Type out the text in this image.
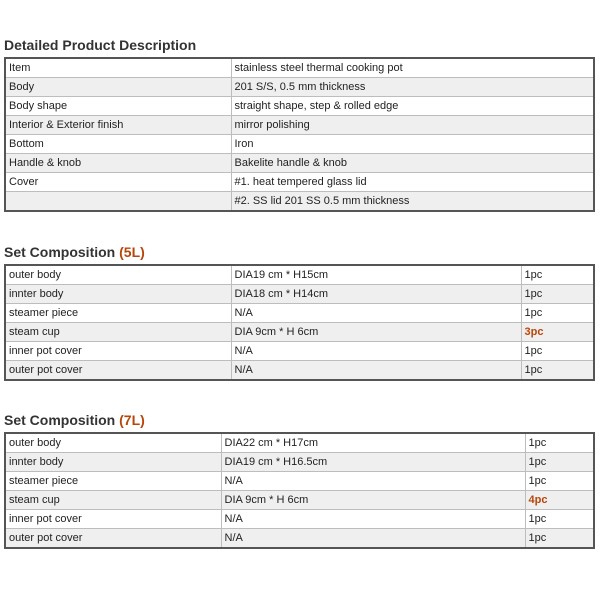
Detailed Product Description
Item	stainless steel thermal cooking pot
Body	201 S/S, 0.5 mm thickness
Body shape	straight shape, step & rolled edge
Interior & Exterior finish	mirror polishing
Bottom	Iron
Handle & knob	Bakelite handle & knob
Cover	#1. heat tempered glass lid
	#2. SS lid 201 SS 0.5 mm thickness
Set Composition (5L)
outer body	DIA19 cm * H15cm	1pc
innter body	DIA18 cm * H14cm	1pc
steamer piece	N/A	1pc
steam cup	DIA 9cm * H 6cm	3pc
inner pot cover	N/A	1pc
outer pot cover	N/A	1pc
Set Composition (7L)
outer body	DIA22 cm * H17cm	1pc
innter body	DIA19 cm * H16.5cm	1pc
steamer piece	N/A	1pc
steam cup	DIA 9cm * H 6cm	4pc
inner pot cover	N/A	1pc
outer pot cover	N/A	1pc
